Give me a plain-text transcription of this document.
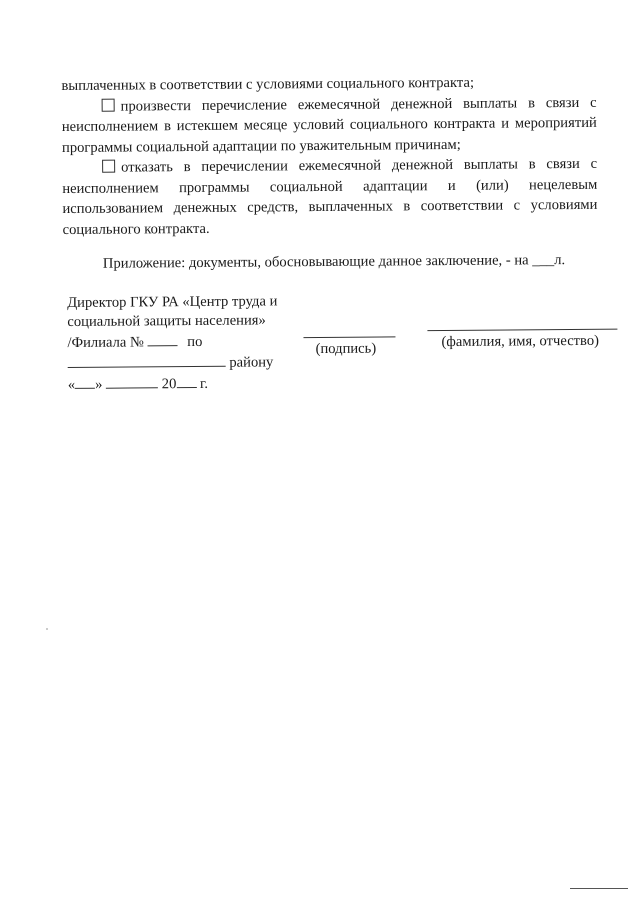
выплаченных в соответствии с условиями социального контракта;

произвести перечисление ежемесячной денежной выплаты в связи с неисполнением в истекшем месяце условий социального контракта и мероприятий программы социальной адаптации по уважительным причинам;

отказать в перечислении ежемесячной денежной выплаты в связи с неисполнением программы социальной адаптации и (или) нецелевым использованием денежных средств, выплаченных в соответствии с условиями социального контракта.

Приложение: документы, обосновывающие данное заключение, - на ___л.

Директор ГКУ РА «Центр труда и
социальной защиты населения»
/Филиала №	по
району
« »	20 г.
(подпись)	(фамилия, имя, отчество)
